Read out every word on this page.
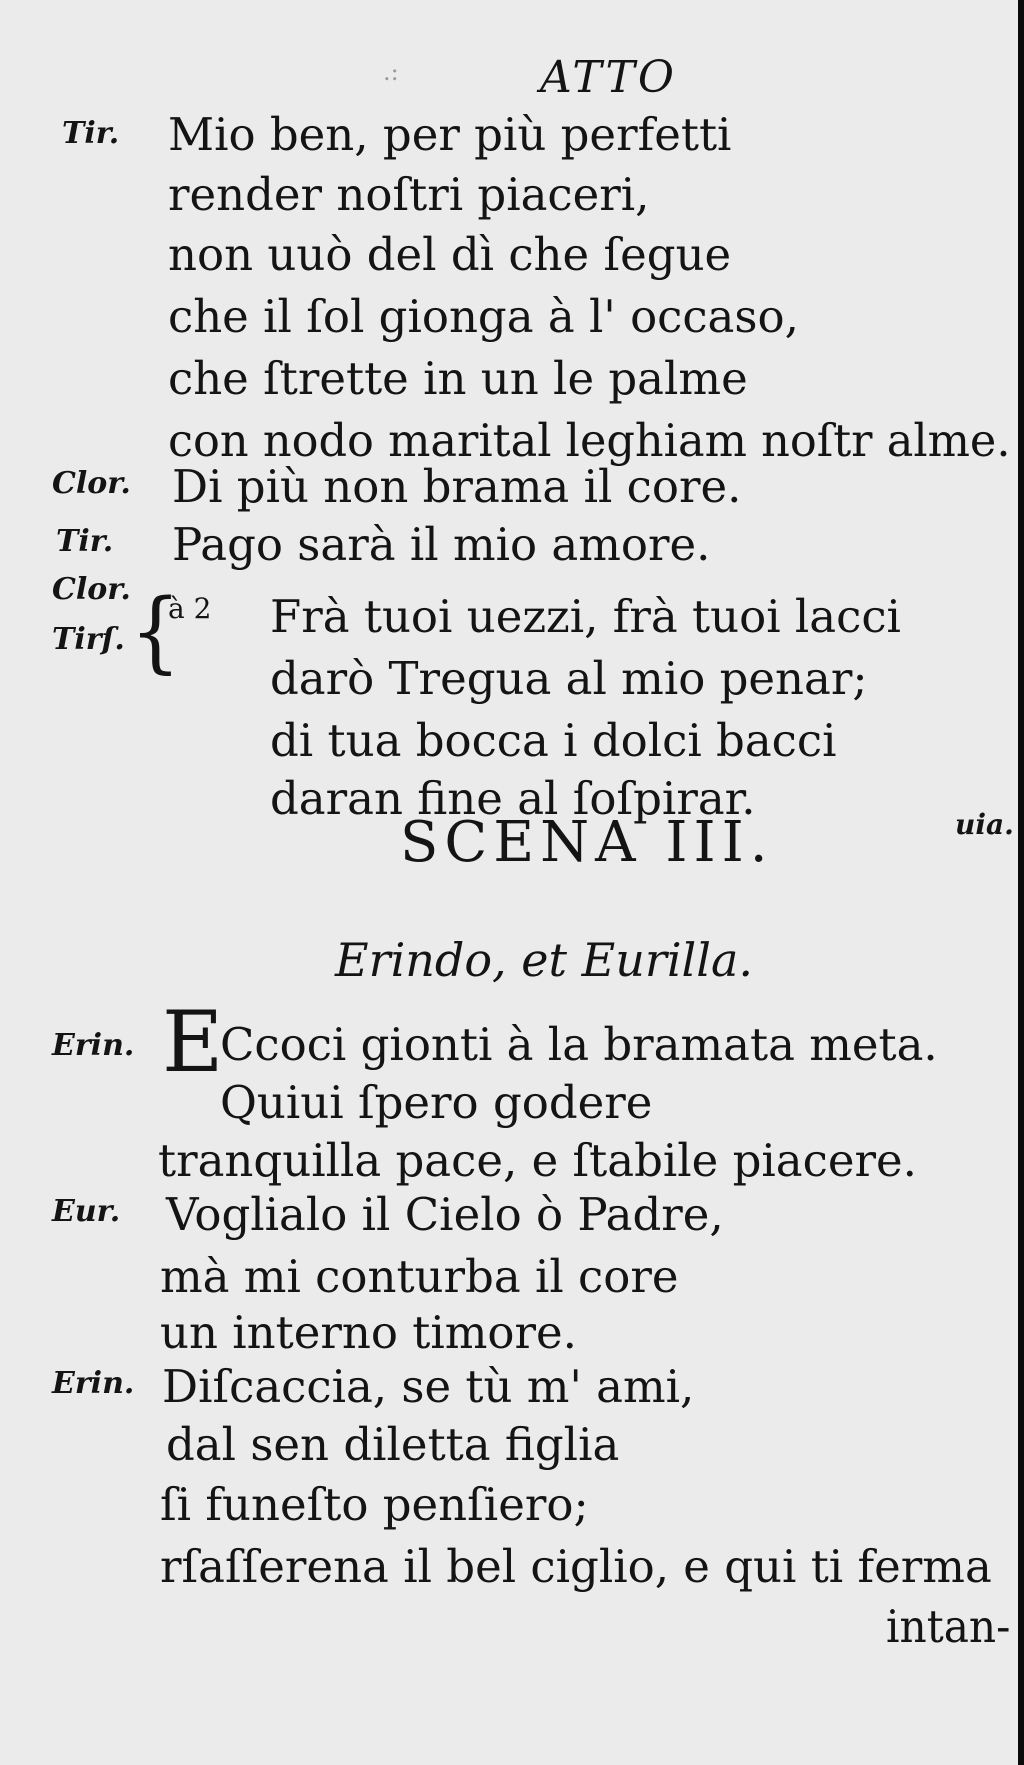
.:	ATTO
Tir. Mio ben, per più perfetti
render noſtri piaceri,
non uuò del dì che ſegue
che il ſol gionga à l' occaso,
che ſtrette in un le palme
con nodo marital leghiam noſtr alme.
Clor. Di più non brama il core.
Tir. Pago sarà il mio amore.
Clor.
Tirſ. {
à 2 Frà tuoi uezzi, frà tuoi lacci
darò Tregua al mio penar;
di tua bocca i dolci bacci
daran fine al ſoſpirar.	uia.
SCENA III.
Erindo, et Eurilla.
Erin. E
Ccoci gionti à la bramata meta.
Quiui ſpero godere
tranquilla pace, e ſtabile piacere.
Eur. Voglialo il Cielo ò Padre,
mà mi conturba il core
un interno timore.
Erin. Diſcaccia, se tù m' ami,
dal sen diletta figlia
ſi funeſto penſiero;
rſaſſerena il bel ciglio, e qui ti ferma
intan-
